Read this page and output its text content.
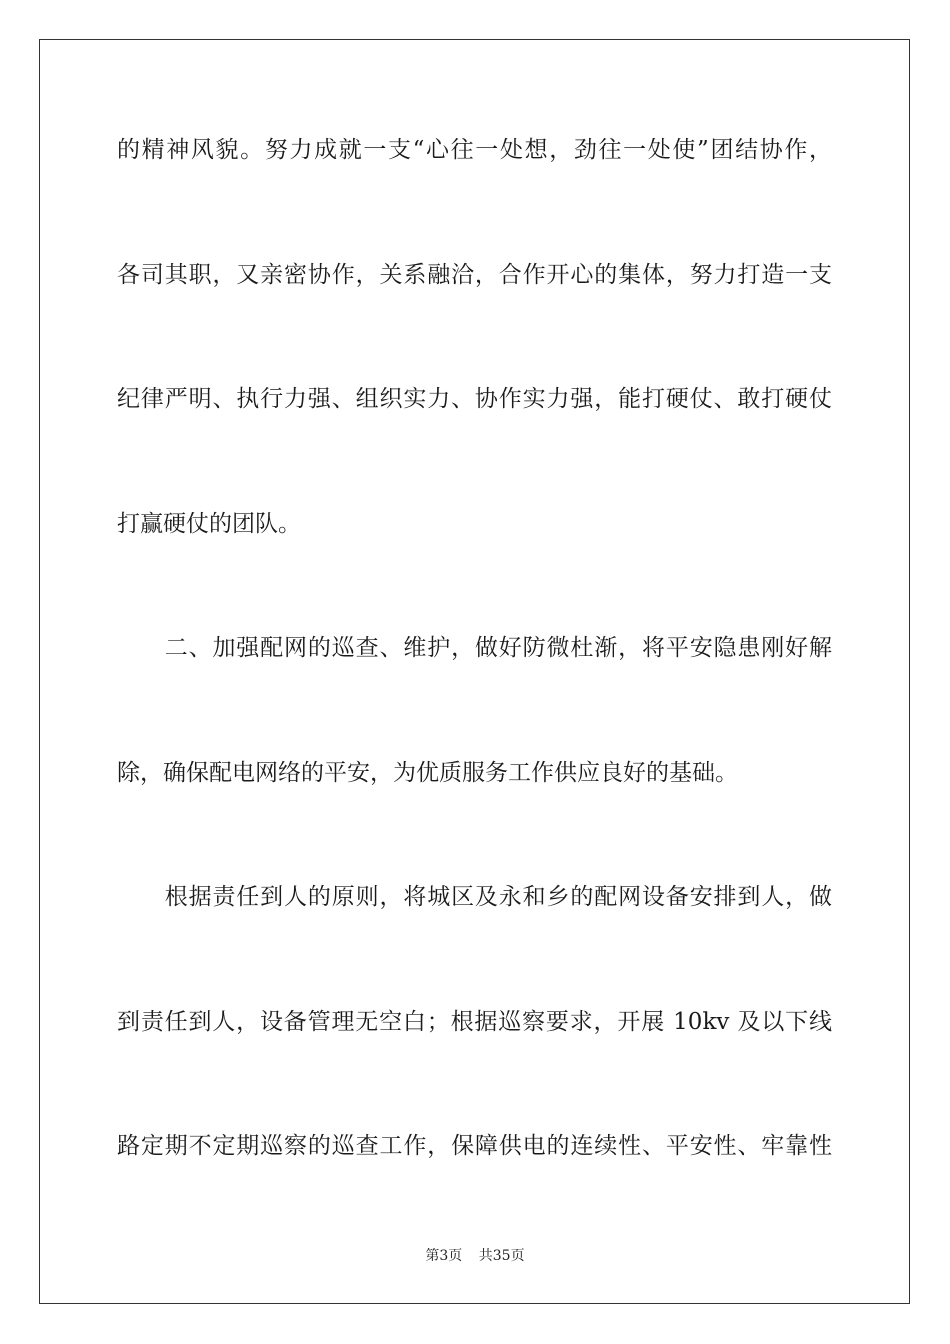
的精神风貌。努力成就一支“心往一处想，劲往一处使”团结协作，
各司其职，又亲密协作，关系融洽，合作开心的集体，努力打造一支
纪律严明、执行力强、组织实力、协作实力强，能打硬仗、敢打硬仗
打赢硬仗的团队。
　　二、加强配网的巡查、维护，做好防微杜渐，将平安隐患刚好解
除，确保配电网络的平安，为优质服务工作供应良好的基础。
　　根据责任到人的原则，将城区及永和乡的配网设备安排到人，做
到责任到人，设备管理无空白；根据巡察要求，开展 10kv 及以下线
路定期不定期巡察的巡查工作，保障供电的连续性、平安性、牢靠性
第3页 共35页
